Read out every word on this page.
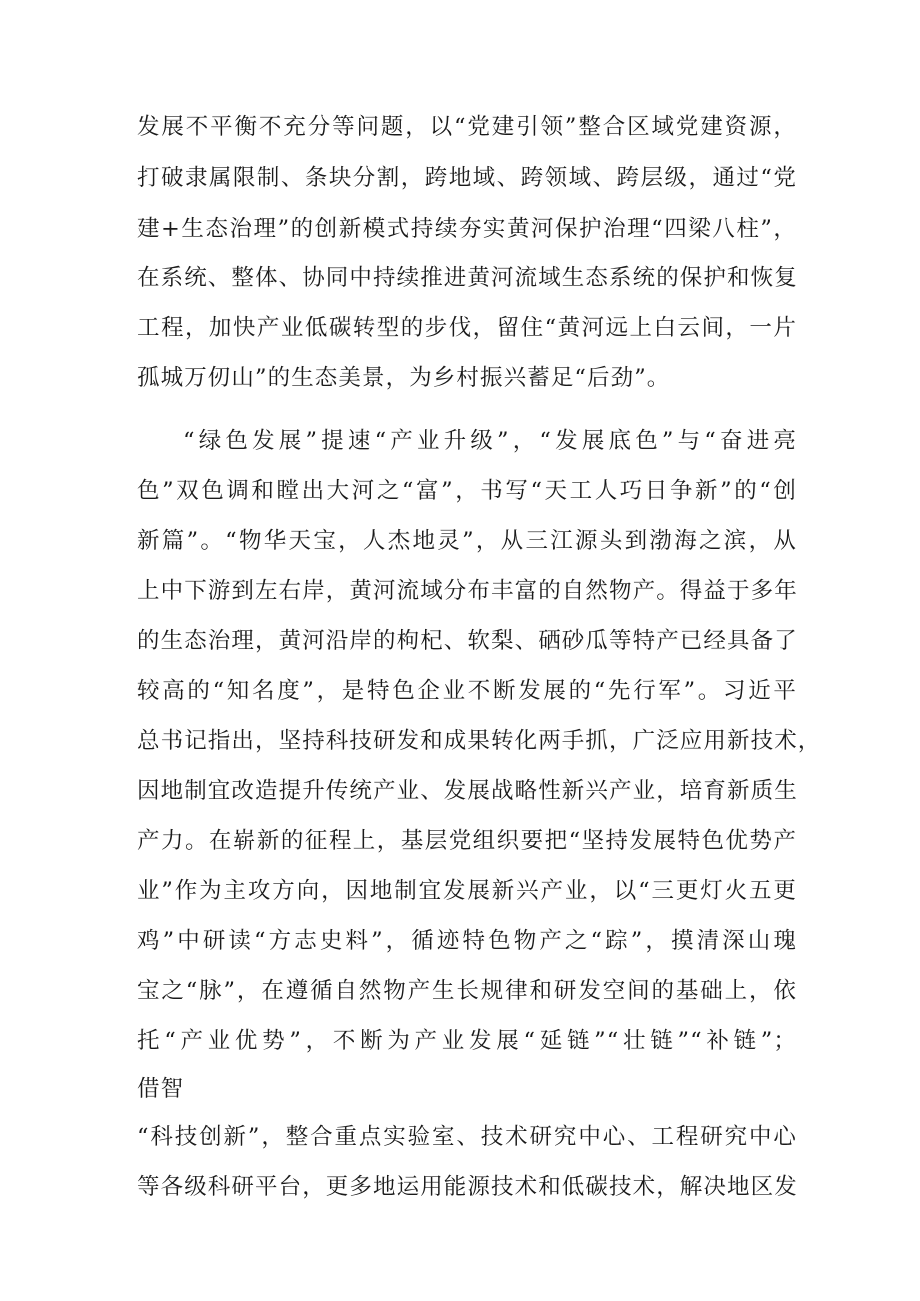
发展不平衡不充分等问题，以“党建引领”整合区域党建资源，
打破隶属限制、条块分割，跨地域、跨领域、跨层级，通过“党
建+生态治理”的创新模式持续夯实黄河保护治理“四梁八柱”，
在系统、整体、协同中持续推进黄河流域生态系统的保护和恢复
工程，加快产业低碳转型的步伐，留住“黄河远上白云间，一片
孤城万仞山”的生态美景，为乡村振兴蓄足“后劲”。
“绿色发展”提速“产业升级”，“发展底色”与“奋进亮
色”双色调和瞠出大河之“富”，书写“天工人巧日争新”的“创
新篇”。“物华天宝，人杰地灵”，从三江源头到渤海之滨，从
上中下游到左右岸，黄河流域分布丰富的自然物产。得益于多年
的生态治理，黄河沿岸的枸杞、软梨、硒砂瓜等特产已经具备了
较高的“知名度”，是特色企业不断发展的“先行军”。习近平
总书记指出，坚持科技研发和成果转化两手抓，广泛应用新技术，
因地制宜改造提升传统产业、发展战略性新兴产业，培育新质生
产力。在崭新的征程上，基层党组织要把“坚持发展特色优势产
业”作为主攻方向，因地制宜发展新兴产业，以“三更灯火五更
鸡”中研读“方志史料”，循迹特色物产之“踪”，摸清深山瑰
宝之“脉”，在遵循自然物产生长规律和研发空间的基础上，依
托“产业优势”，不断为产业发展“延链”“壮链”“补链”；
借智
“科技创新”，整合重点实验室、技术研究中心、工程研究中心
等各级科研平台，更多地运用能源技术和低碳技术，解决地区发
